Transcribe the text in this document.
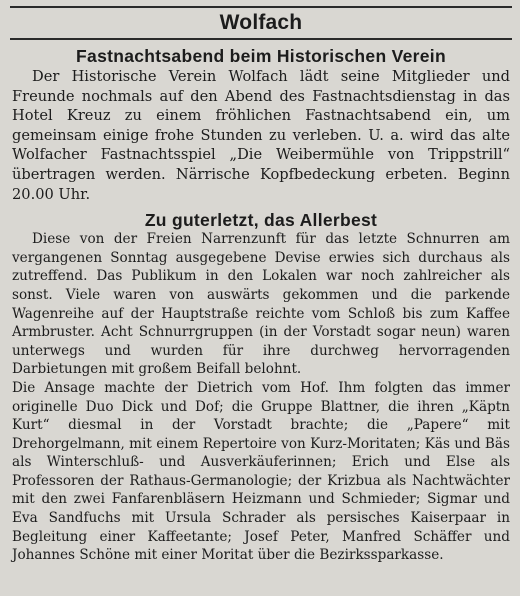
Wolfach
Fastnachtsabend beim Historischen Verein

Der Historische Verein Wolfach lädt seine Mitglieder und Freunde nochmals auf den Abend des Fastnachtsdienstag in das Hotel Kreuz zu einem fröhlichen Fastnachtsabend ein, um gemeinsam einige frohe Stunden zu verleben. U. a. wird das alte Wolfacher Fastnachtsspiel „Die Weibermühle von Trippstrill“ übertragen werden. Närrische Kopfbedeckung erbeten. Beginn 20.00 Uhr.

Zu guterletzt, das Allerbest

Diese von der Freien Narrenzunft für das letzte Schnurren am vergangenen Sonntag ausgegebene Devise erwies sich durchaus als zutreffend. Das Publikum in den Lokalen war noch zahlreicher als sonst. Viele waren von auswärts gekommen und die parkende Wagenreihe auf der Hauptstraße reichte vom Schloß bis zum Kaffee Armbruster. Acht Schnurrgruppen (in der Vorstadt sogar neun) waren unterwegs und wurden für ihre durchweg hervorragenden Darbietungen mit großem Beifall belohnt.

Die Ansage machte der Dietrich vom Hof. Ihm folgten das immer originelle Duo Dick und Dof; die Gruppe Blattner, die ihren „Käptn Kurt“ diesmal in der Vorstadt brachte; die „Papere“ mit Drehorgelmann, mit einem Repertoire von Kurz-Moritaten; Käs und Bäs als Winterschluß- und Ausverkäuferinnen; Erich und Else als Professoren der Rathaus-Germanologie; der Krizbua als Nachtwächter mit den zwei Fanfarenbläsern Heizmann und Schmieder; Sigmar und Eva Sandfuchs mit Ursula Schrader als persisches Kaiserpaar in Begleitung einer Kaffeetante; Josef Peter, Manfred Schäffer und Johannes Schöne mit einer Moritat über die Bezirkssparkasse.
